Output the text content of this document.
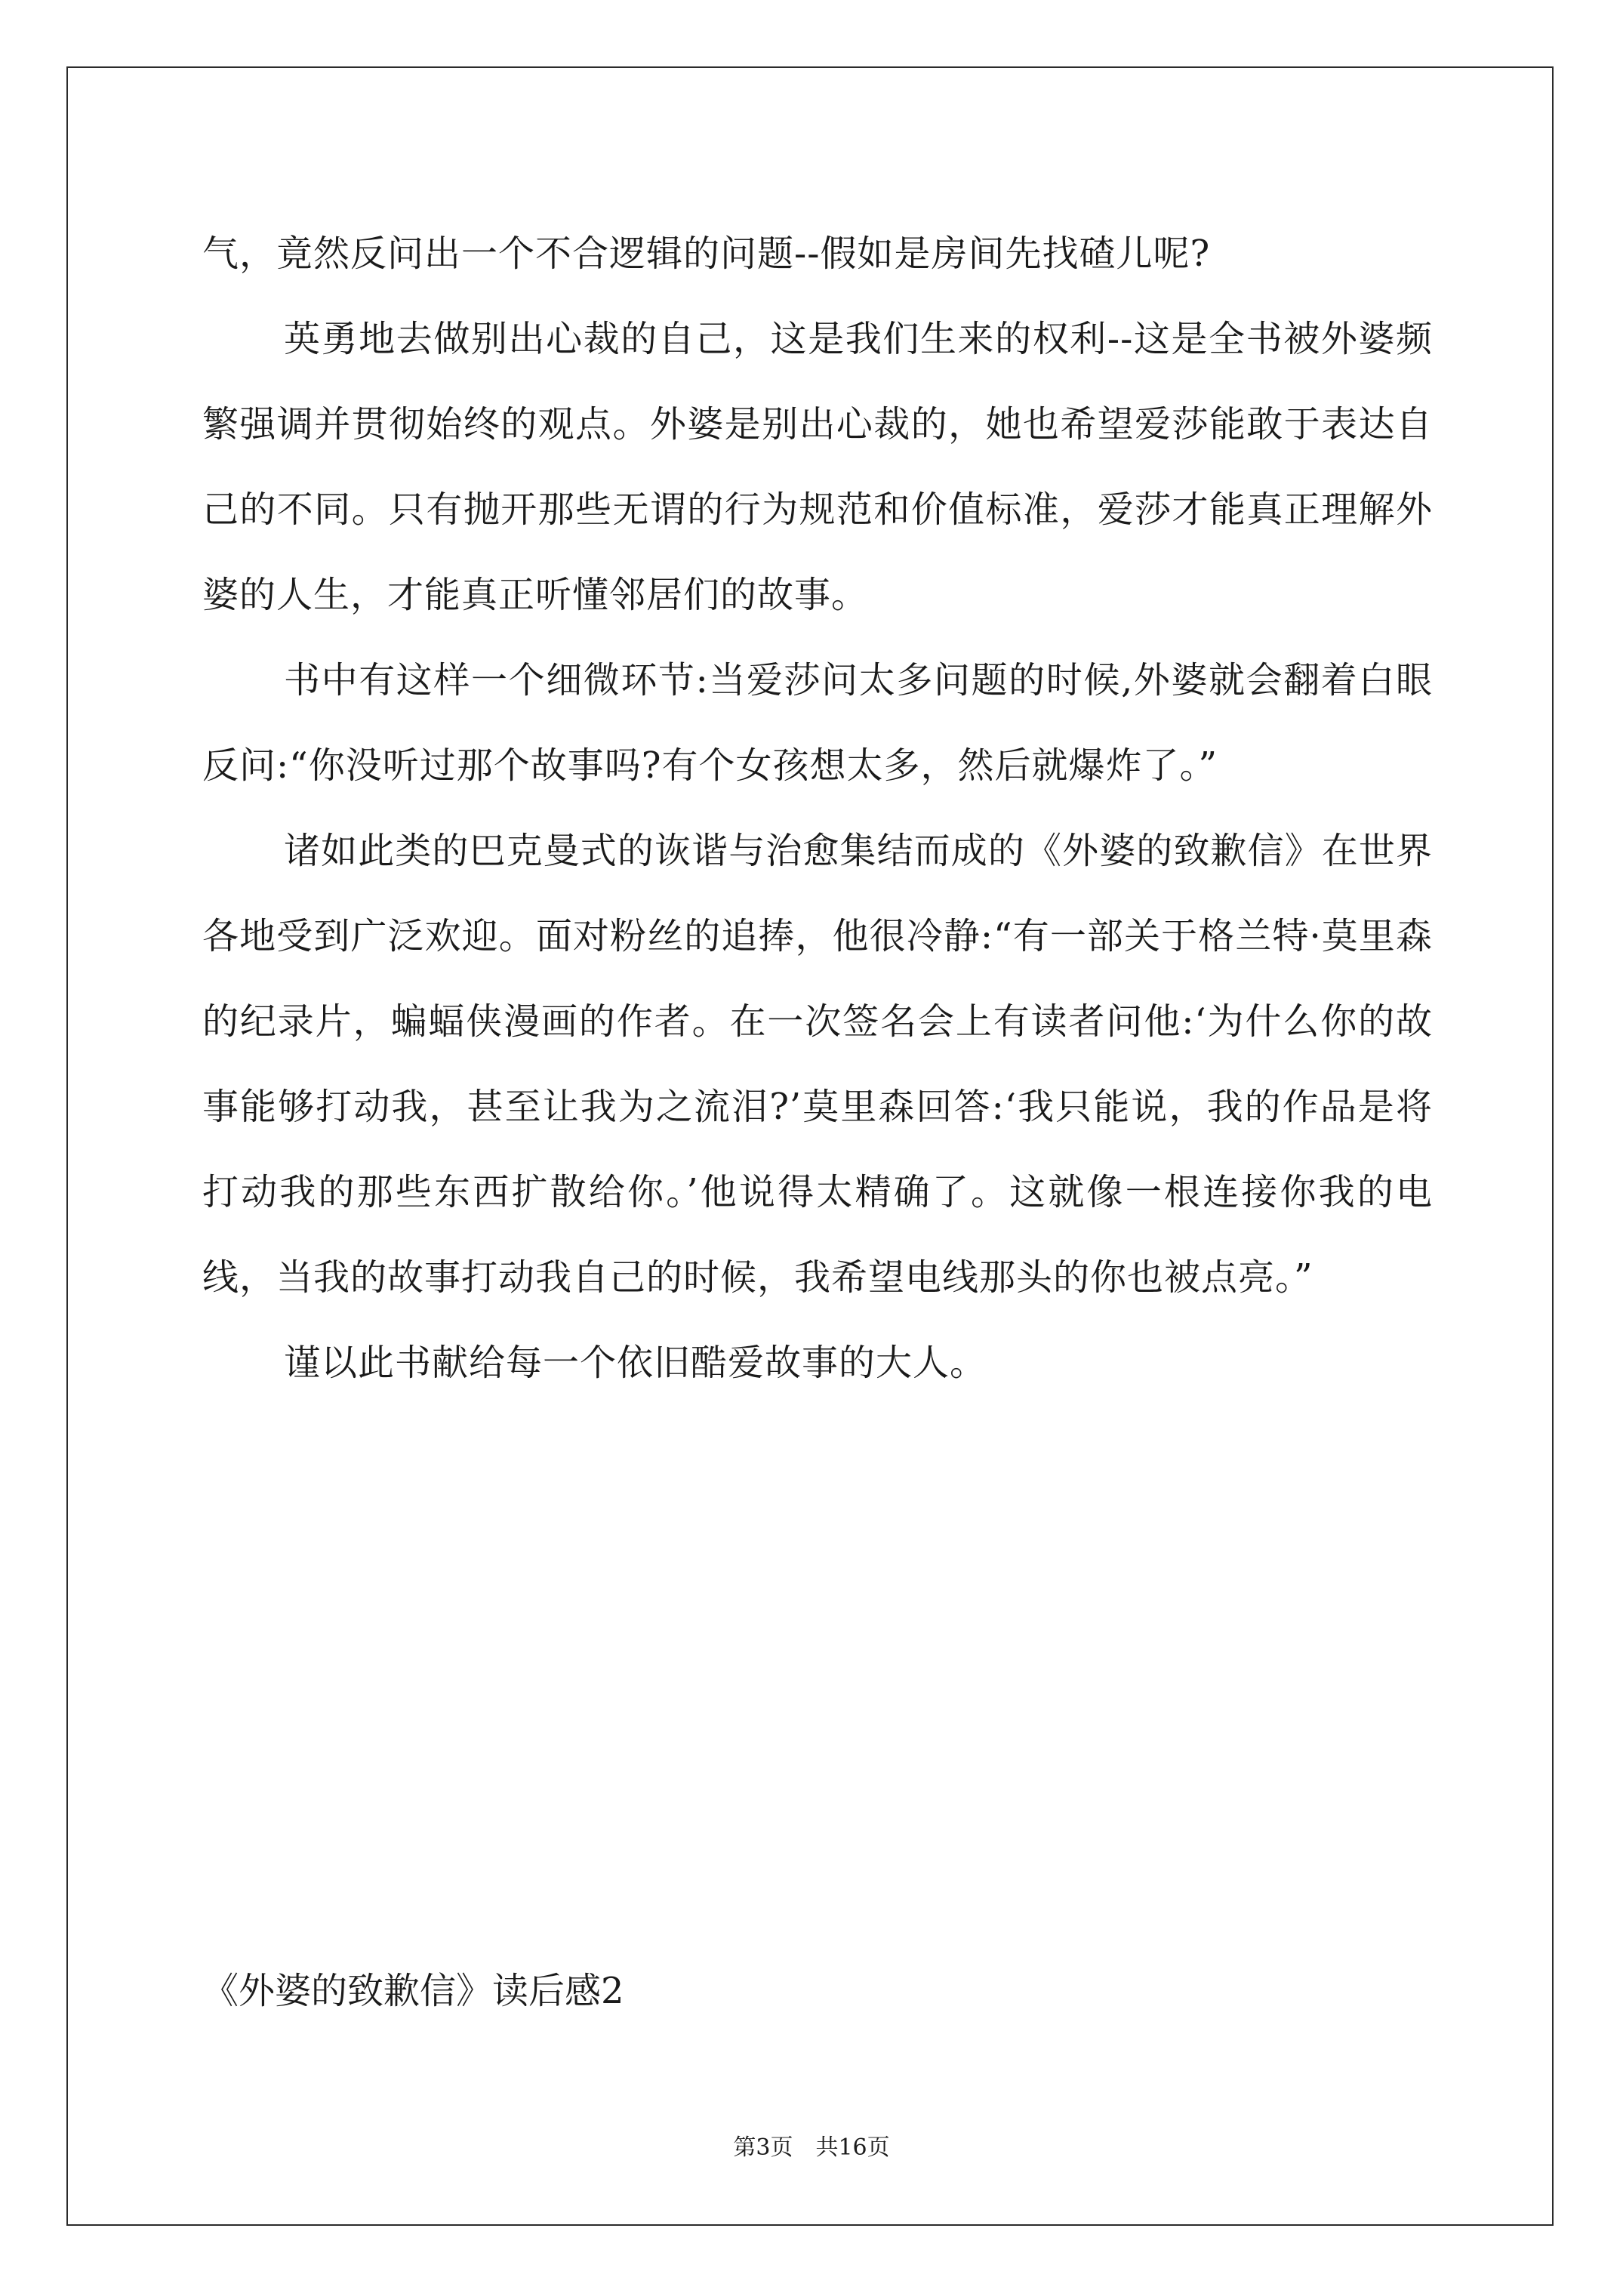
气，竟然反问出一个不合逻辑的问题--假如是房间先找碴儿呢?

英勇地去做别出心裁的自己，这是我们生来的权利--这是全书被外婆频繁强调并贯彻始终的观点。外婆是别出心裁的，她也希望爱莎能敢于表达自己的不同。只有抛开那些无谓的行为规范和价值标准，爱莎才能真正理解外婆的人生，才能真正听懂邻居们的故事。

书中有这样一个细微环节:当爱莎问太多问题的时候,外婆就会翻着白眼反问:“你没听过那个故事吗?有个女孩想太多，然后就爆炸了。”

诸如此类的巴克曼式的诙谐与治愈集结而成的《外婆的致歉信》在世界各地受到广泛欢迎。面对粉丝的追捧，他很冷静:“有一部关于格兰特·莫里森的纪录片，蝙蝠侠漫画的作者。在一次签名会上有读者问他:‘为什么你的故事能够打动我，甚至让我为之流泪?’莫里森回答:‘我只能说，我的作品是将打动我的那些东西扩散给你。’他说得太精确了。这就像一根连接你我的电线，当我的故事打动我自己的时候，我希望电线那头的你也被点亮。”

谨以此书献给每一个依旧酷爱故事的大人。

《外婆的致歉信》读后感2
第3页　共16页
